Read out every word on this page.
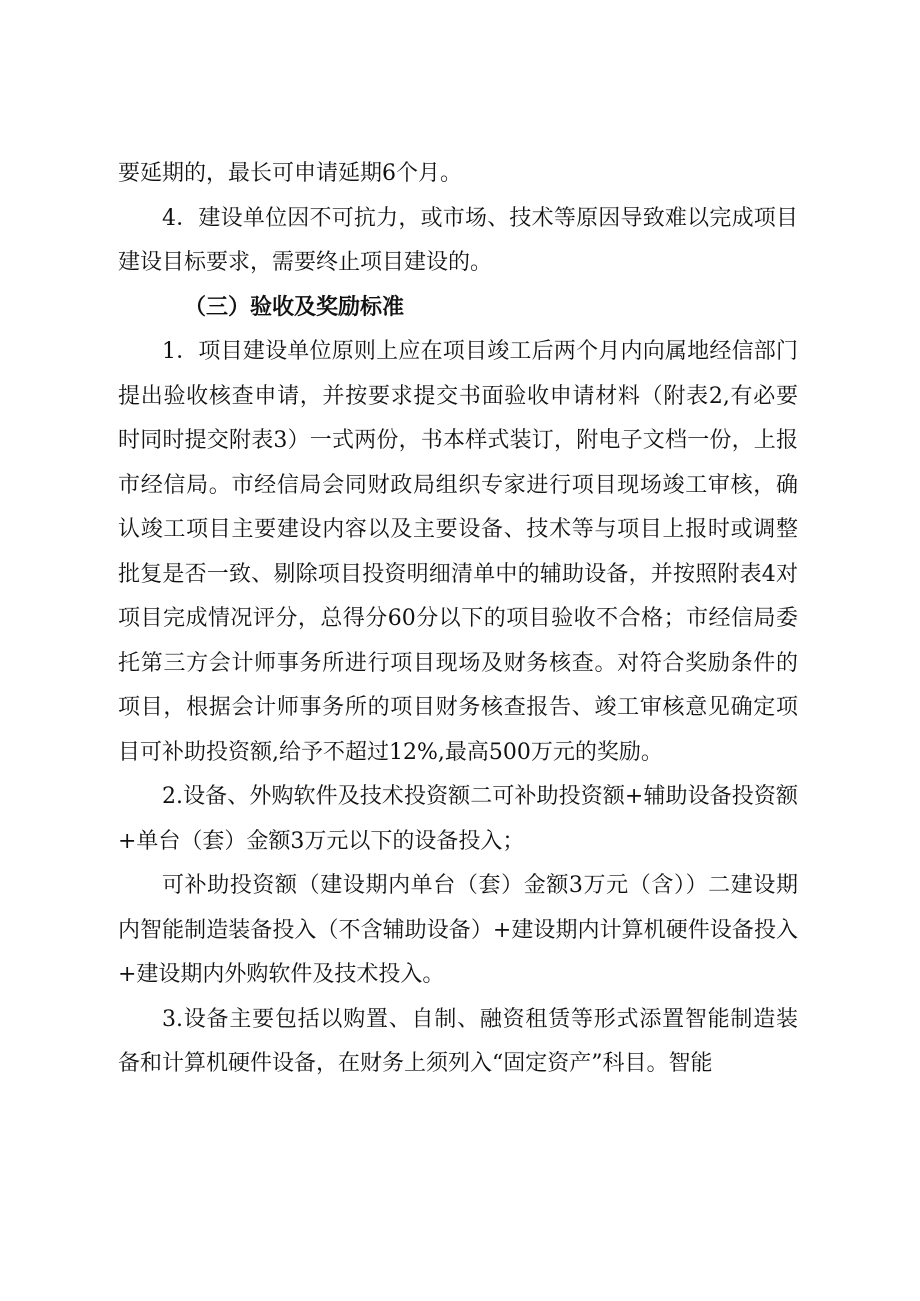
要延期的，最长可申请延期6个月。

4．建设单位因不可抗力，或市场、技术等原因导致难以完成项目建设目标要求，需要终止项目建设的。

（三）验收及奖励标准

1．项目建设单位原则上应在项目竣工后两个月内向属地经信部门提出验收核查申请，并按要求提交书面验收申请材料（附表2,有必要时同时提交附表3）一式两份，书本样式装订，附电子文档一份，上报市经信局。市经信局会同财政局组织专家进行项目现场竣工审核，确认竣工项目主要建设内容以及主要设备、技术等与项目上报时或调整批复是否一致、剔除项目投资明细清单中的辅助设备，并按照附表4对项目完成情况评分，总得分60分以下的项目验收不合格；市经信局委托第三方会计师事务所进行项目现场及财务核查。对符合奖励条件的项目，根据会计师事务所的项目财务核查报告、竣工审核意见确定项目可补助投资额,给予不超过12%,最高500万元的奖励。

2.设备、外购软件及技术投资额二可补助投资额+辅助设备投资额+单台（套）金额3万元以下的设备投入；

可补助投资额（建设期内单台（套）金额3万元（含））二建设期内智能制造装备投入（不含辅助设备）+建设期内计算机硬件设备投入+建设期内外购软件及技术投入。

3.设备主要包括以购置、自制、融资租赁等形式添置智能制造装备和计算机硬件设备，在财务上须列入“固定资产”科目。智能
